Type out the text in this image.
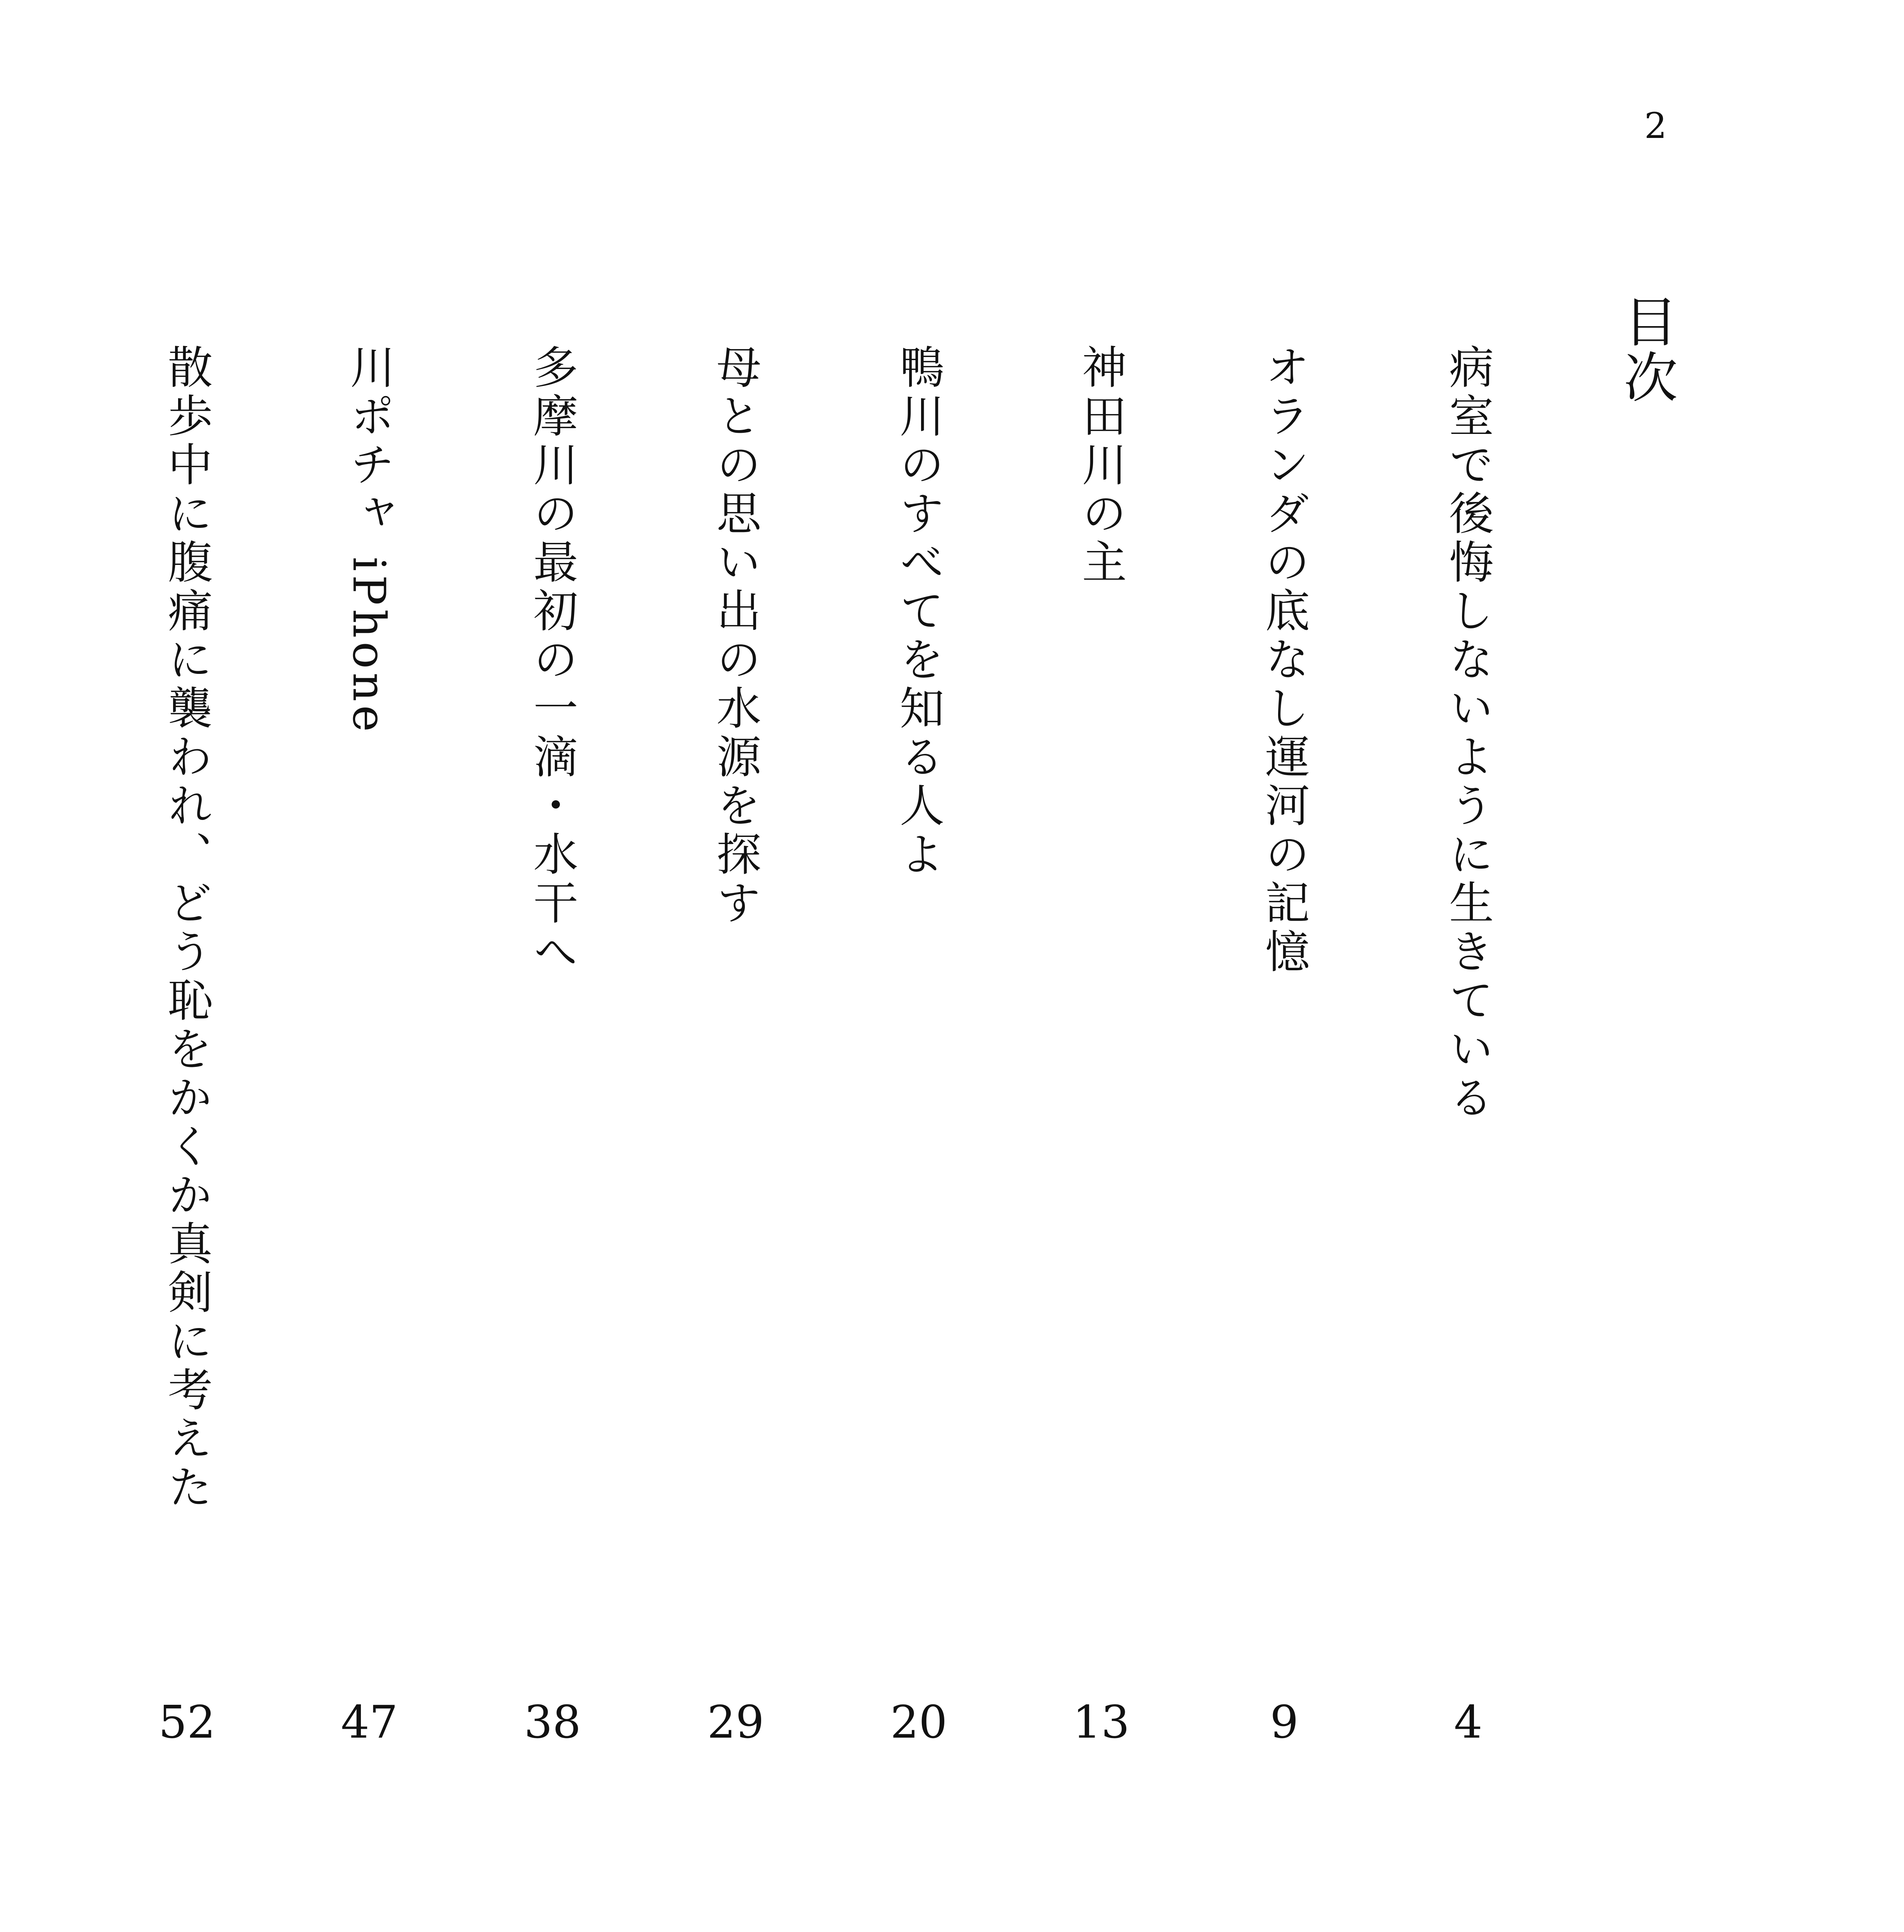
2
目次
病室で後悔しないように生きている
オランダの底なし運河の記憶
神田川の主
鴨川のすべてを知る人よ
母との思い出の水源を探す
多摩川の最初の一滴・水干へ
川ポチャ iPhone
散歩中に腹痛に襲われ、どう恥をかくか真剣に考えた
4
9
13
20
29
38
47
52
